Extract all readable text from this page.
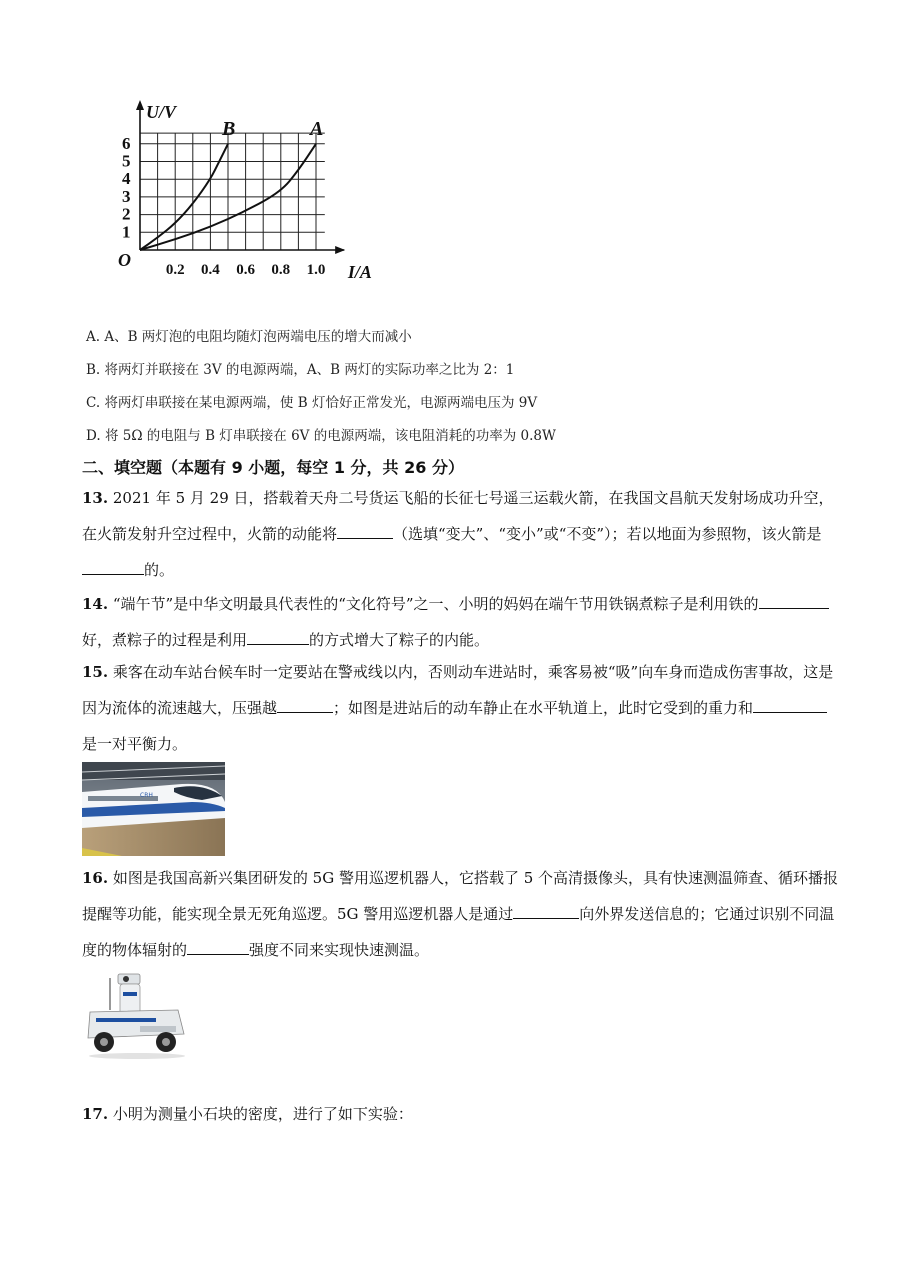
1
2
3
4
5
6
0.2 0.4 0.6 0.8 1.0
O
B	A
U/V
I/A
A. A、B 两灯泡的电阻均随灯泡两端电压的增大而减小
B. 将两灯并联接在 3V 的电源两端，A、B 两灯的实际功率之比为 2：1
C. 将两灯串联接在某电源两端，使 B 灯恰好正常发光，电源两端电压为 9V
D. 将 5Ω 的电阻与 B 灯串联接在 6V 的电源两端，该电阻消耗的功率为 0.8W
二、填空题（本题有 9 小题，每空 1 分，共 26 分）
13. 2021 年 5 月 29 日，搭载着天舟二号货运飞船的长征七号遥三运载火箭，在我国文昌航天发射场成功升空，在火箭发射升空过程中，火箭的动能将	（选填“变大”、“变小”或“不变”）；若以地面为参照物，该火箭是的。
14. “端午节”是中华文明最具代表性的“文化符号”之一、小明的妈妈在端午节用铁锅煮粽子是利用铁的好，煮粽子的过程是利用	的方式增大了粽子的内能。
15. 乘客在动车站台候车时一定要站在警戒线以内，否则动车进站时，乘客易被“吸”向车身而造成伤害事故，这是因为流体的流速越大，压强越	；如图是进站后的动车静止在水平轨道上，此时它受到的重力和是一对平衡力。
CRH
16. 如图是我国高新兴集团研发的 5G 警用巡逻机器人，它搭载了 5 个高清摄像头，具有快速测温筛查、循环播报提醒等功能，能实现全景无死角巡逻。5G 警用巡逻机器人是通过	向外界发送信息的；它通过识别不同温度的物体辐射的	强度不同来实现快速测温。
17. 小明为测量小石块的密度，进行了如下实验：
